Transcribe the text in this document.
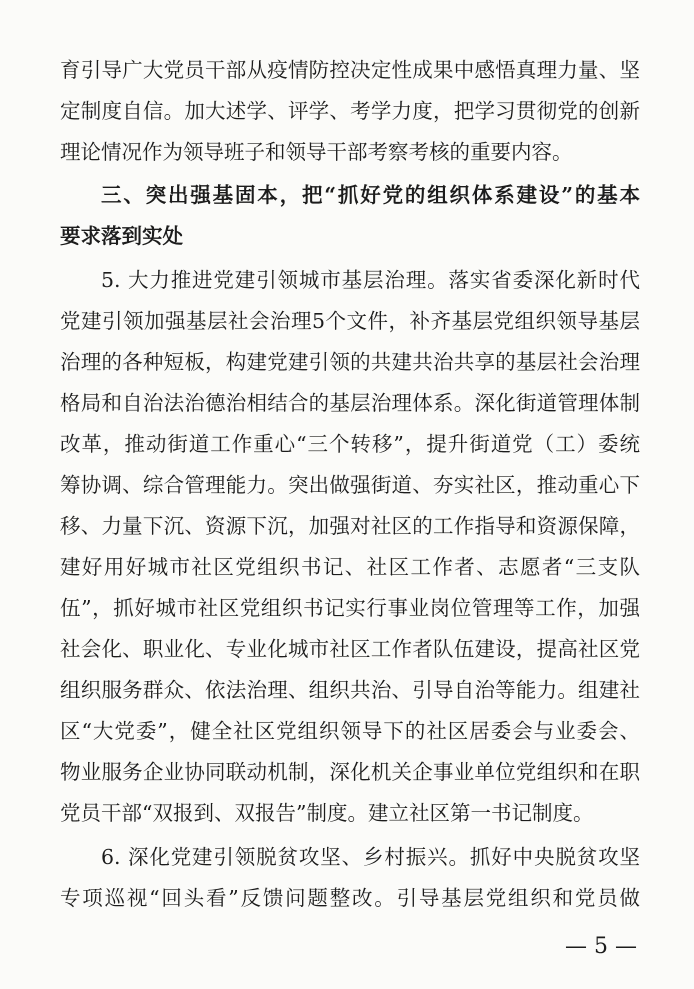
育引导广大党员干部从疫情防控决定性成果中感悟真理力量、坚
定制度自信。加大述学、评学、考学力度，把学习贯彻党的创新
理论情况作为领导班子和领导干部考察考核的重要内容。
三、突出强基固本，把“抓好党的组织体系建设”的基本
要求落到实处
5. 大力推进党建引领城市基层治理。落实省委深化新时代
党建引领加强基层社会治理5个文件，补齐基层党组织领导基层
治理的各种短板，构建党建引领的共建共治共享的基层社会治理
格局和自治法治德治相结合的基层治理体系。深化街道管理体制
改革，推动街道工作重心“三个转移”，提升街道党（工）委统
筹协调、综合管理能力。突出做强街道、夯实社区，推动重心下
移、力量下沉、资源下沉，加强对社区的工作指导和资源保障，
建好用好城市社区党组织书记、社区工作者、志愿者“三支队
伍”，抓好城市社区党组织书记实行事业岗位管理等工作，加强
社会化、职业化、专业化城市社区工作者队伍建设，提高社区党
组织服务群众、依法治理、组织共治、引导自治等能力。组建社
区“大党委”，健全社区党组织领导下的社区居委会与业委会、
物业服务企业协同联动机制，深化机关企事业单位党组织和在职
党员干部“双报到、双报告”制度。建立社区第一书记制度。
6. 深化党建引领脱贫攻坚、乡村振兴。抓好中央脱贫攻坚
专项巡视“回头看”反馈问题整改。引导基层党组织和党员做
— 5 —
